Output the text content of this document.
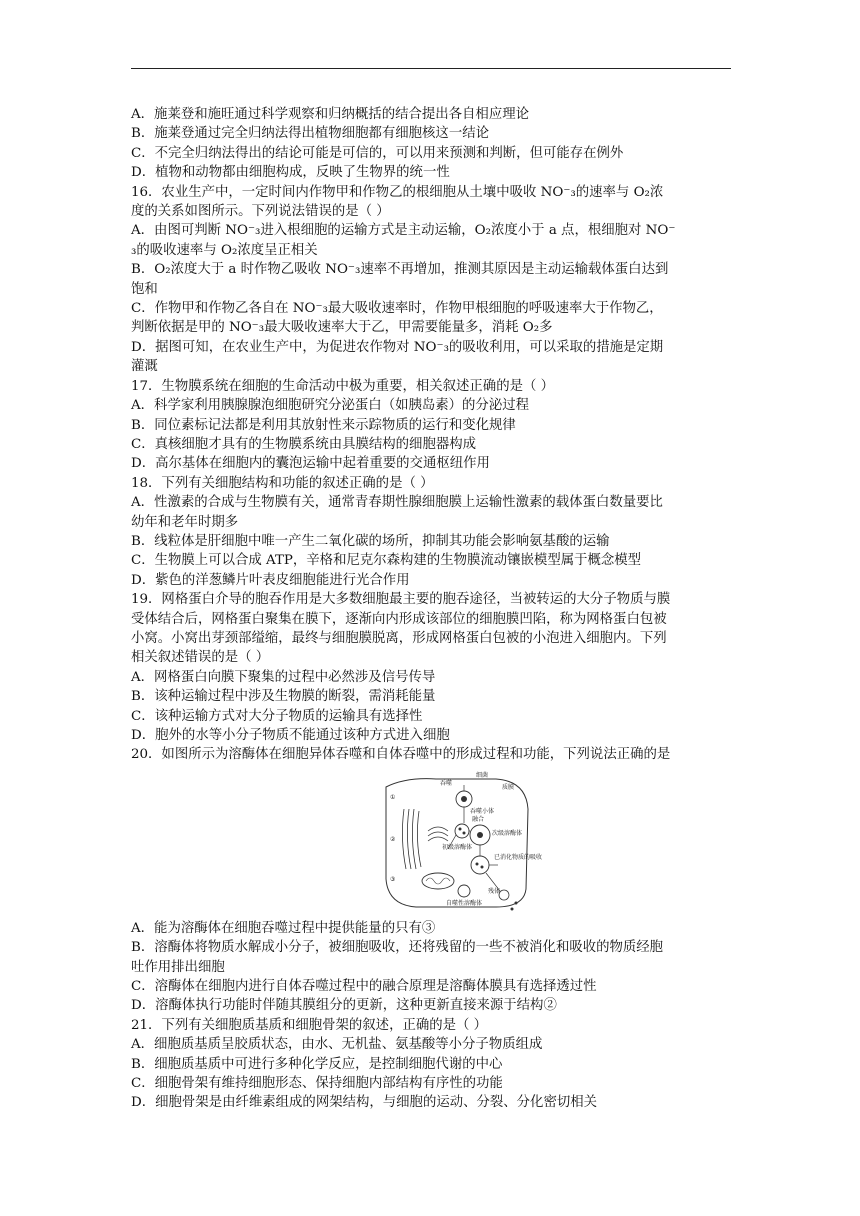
A．施莱登和施旺通过科学观察和归纳概括的结合提出各自相应理论
B．施莱登通过完全归纳法得出植物细胞都有细胞核这一结论
C．不完全归纳法得出的结论可能是可信的，可以用来预测和判断，但可能存在例外
D．植物和动物都由细胞构成，反映了生物界的统一性
16．农业生产中，一定时间内作物甲和作物乙的根细胞从土壤中吸收 NO⁻₃的速率与 O₂浓
度的关系如图所示。下列说法错误的是（ ）
A．由图可判断 NO⁻₃进入根细胞的运输方式是主动运输，O₂浓度小于 a 点，根细胞对 NO⁻
₃的吸收速率与 O₂浓度呈正相关
B．O₂浓度大于 a 时作物乙吸收 NO⁻₃速率不再增加，推测其原因是主动运输载体蛋白达到
饱和
C．作物甲和作物乙各自在 NO⁻₃最大吸收速率时，作物甲根细胞的呼吸速率大于作物乙，
判断依据是甲的 NO⁻₃最大吸收速率大于乙，甲需要能量多，消耗 O₂多
D．据图可知，在农业生产中，为促进农作物对 NO⁻₃的吸收利用，可以采取的措施是定期
灌溉
17．生物膜系统在细胞的生命活动中极为重要，相关叙述正确的是（ ）
A．科学家利用胰腺腺泡细胞研究分泌蛋白（如胰岛素）的分泌过程
B．同位素标记法都是利用其放射性来示踪物质的运行和变化规律
C．真核细胞才具有的生物膜系统由具膜结构的细胞器构成
D．高尔基体在细胞内的囊泡运输中起着重要的交通枢纽作用
18．下列有关细胞结构和功能的叙述正确的是（ ）
A．性激素的合成与生物膜有关，通常青春期性腺细胞膜上运输性激素的载体蛋白数量要比
幼年和老年时期多
B．线粒体是肝细胞中唯一产生二氧化碳的场所，抑制其功能会影响氨基酸的运输
C．生物膜上可以合成 ATP，辛格和尼克尔森构建的生物膜流动镶嵌模型属于概念模型
D．紫色的洋葱鳞片叶表皮细胞能进行光合作用
19．网格蛋白介导的胞吞作用是大多数细胞最主要的胞吞途径，当被转运的大分子物质与膜
受体结合后，网格蛋白聚集在膜下，逐渐向内形成该部位的细胞膜凹陷，称为网格蛋白包被
小窝。小窝出芽颈部缢缩，最终与细胞膜脱离，形成网格蛋白包被的小泡进入细胞内。下列
相关叙述错误的是（ ）
A．网格蛋白向膜下聚集的过程中必然涉及信号传导
B．该种运输过程中涉及生物膜的断裂，需消耗能量
C．该种运输方式对大分子物质的运输具有选择性
D．胞外的水等小分子物质不能通过该种方式进入细胞
20．如图所示为溶酶体在细胞异体吞噬和自体吞噬中的形成过程和功能，下列说法正确的是
①
②
③
吞噬
细菌
质膜
吞噬小体
融合
初级溶酶体
次级溶酶体
已消化物质的吸收
残体
自噬性溶酶体
A．能为溶酶体在细胞吞噬过程中提供能量的只有③
B．溶酶体将物质水解成小分子，被细胞吸收，还将残留的一些不被消化和吸收的物质经胞
吐作用排出细胞
C．溶酶体在细胞内进行自体吞噬过程中的融合原理是溶酶体膜具有选择透过性
D．溶酶体执行功能时伴随其膜组分的更新，这种更新直接来源于结构②
21．下列有关细胞质基质和细胞骨架的叙述，正确的是（ ）
A．细胞质基质呈胶质状态，由水、无机盐、氨基酸等小分子物质组成
B．细胞质基质中可进行多种化学反应，是控制细胞代谢的中心
C．细胞骨架有维持细胞形态、保持细胞内部结构有序性的功能
D．细胞骨架是由纤维素组成的网架结构，与细胞的运动、分裂、分化密切相关
